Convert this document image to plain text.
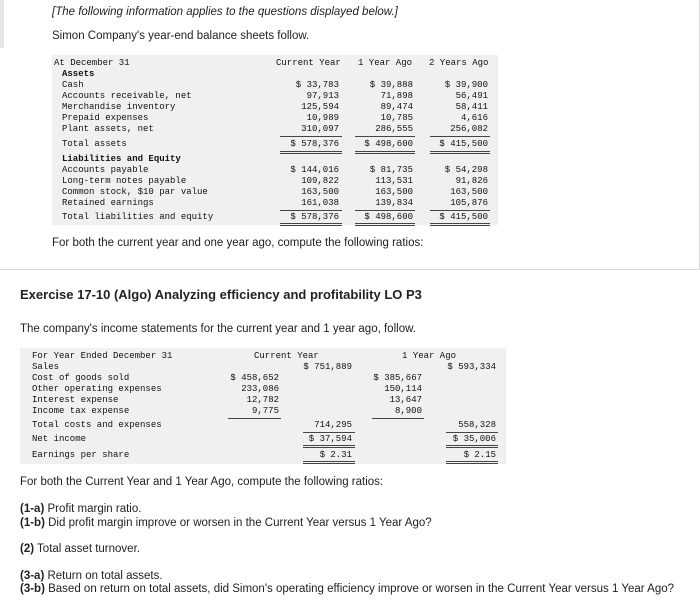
[The following information applies to the questions displayed below.]
Simon Company's year-end balance sheets follow.
At December 31	Current Year 1 Year Ago 2 Years Ago
Assets
Cash	$ 33,783	$ 39,888	$ 39,900
Accounts receivable, net	97,913	71,898	56,491
Merchandise inventory	125,594	89,474	58,411
Prepaid expenses	10,989	10,785	4,616
Plant assets, net	310,097	286,555	256,082
Total assets	$ 578,376	$ 498,600	$ 415,500
Liabilities and Equity
Accounts payable	$ 144,016	$ 81,735	$ 54,298
Long-term notes payable	109,822	113,531	91,826
Common stock, $10 par value	163,500	163,500	163,500
Retained earnings	161,038	139,834	105,876
Total liabilities and equity	$ 578,376	$ 498,600	$ 415,500
For both the current year and one year ago, compute the following ratios:
Exercise 17-10 (Algo) Analyzing efficiency and profitability LO P3
The company's income statements for the current year and 1 year ago, follow.
For Year Ended December 31	Current Year	1 Year Ago
Sales	$ 751,889	$ 593,334
Cost of goods sold	$ 458,652	$ 385,667
Other operating expenses	233,086	150,114
Interest expense	12,782	13,647
Income tax expense	9,775	8,900
Total costs and expenses	714,295	558,328
Net income	$ 37,594	$ 35,006
Earnings per share	$ 2.31	$ 2.15
For both the Current Year and 1 Year Ago, compute the following ratios:
(1-a) Profit margin ratio.
(1-b) Did profit margin improve or worsen in the Current Year versus 1 Year Ago?
(2) Total asset turnover.
(3-a) Return on total assets.
(3-b) Based on return on total assets, did Simon's operating efficiency improve or worsen in the Current Year versus 1 Year Ago?
